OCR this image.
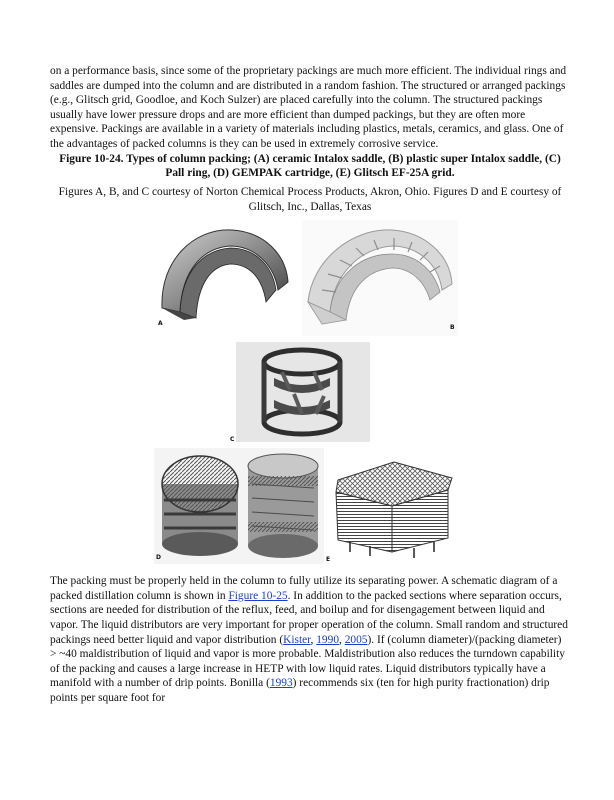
on a performance basis, since some of the proprietary packings are much more efficient. The individual rings and saddles are dumped into the column and are distributed in a random fashion. The structured or arranged packings (e.g., Glitsch grid, Goodloe, and Koch Sulzer) are placed carefully into the column. The structured packings usually have lower pressure drops and are more efficient than dumped packings, but they are often more expensive. Packings are available in a variety of materials including plastics, metals, ceramics, and glass. One of the advantages of packed columns is they can be used in extremely corrosive service.

Figure 10-24. Types of column packing; (A) ceramic Intalox saddle, (B) plastic super Intalox saddle, (C) Pall ring, (D) GEMPAK cartridge, (E) Glitsch EF-25A grid.
Figures A, B, and C courtesy of Norton Chemical Process Products, Akron, Ohio. Figures D and E courtesy of Glitsch, Inc., Dallas, Texas
A
B
C
D	E

The packing must be properly held in the column to fully utilize its separating power. A schematic diagram of a packed distillation column is shown in Figure 10-25. In addition to the packed sections where separation occurs, sections are needed for distribution of the reflux, feed, and boilup and for disengagement between liquid and vapor. The liquid distributors are very important for proper operation of the column. Small random and structured packings need better liquid and vapor distribution (Kister, 1990, 2005). If (column diameter)/(packing diameter) > ~40 maldistribution of liquid and vapor is more probable. Maldistribution also reduces the turndown capability of the packing and causes a large increase in HETP with low liquid rates. Liquid distributors typically have a manifold with a number of drip points. Bonilla (1993) recommends six (ten for high purity fractionation) drip points per square foot for
